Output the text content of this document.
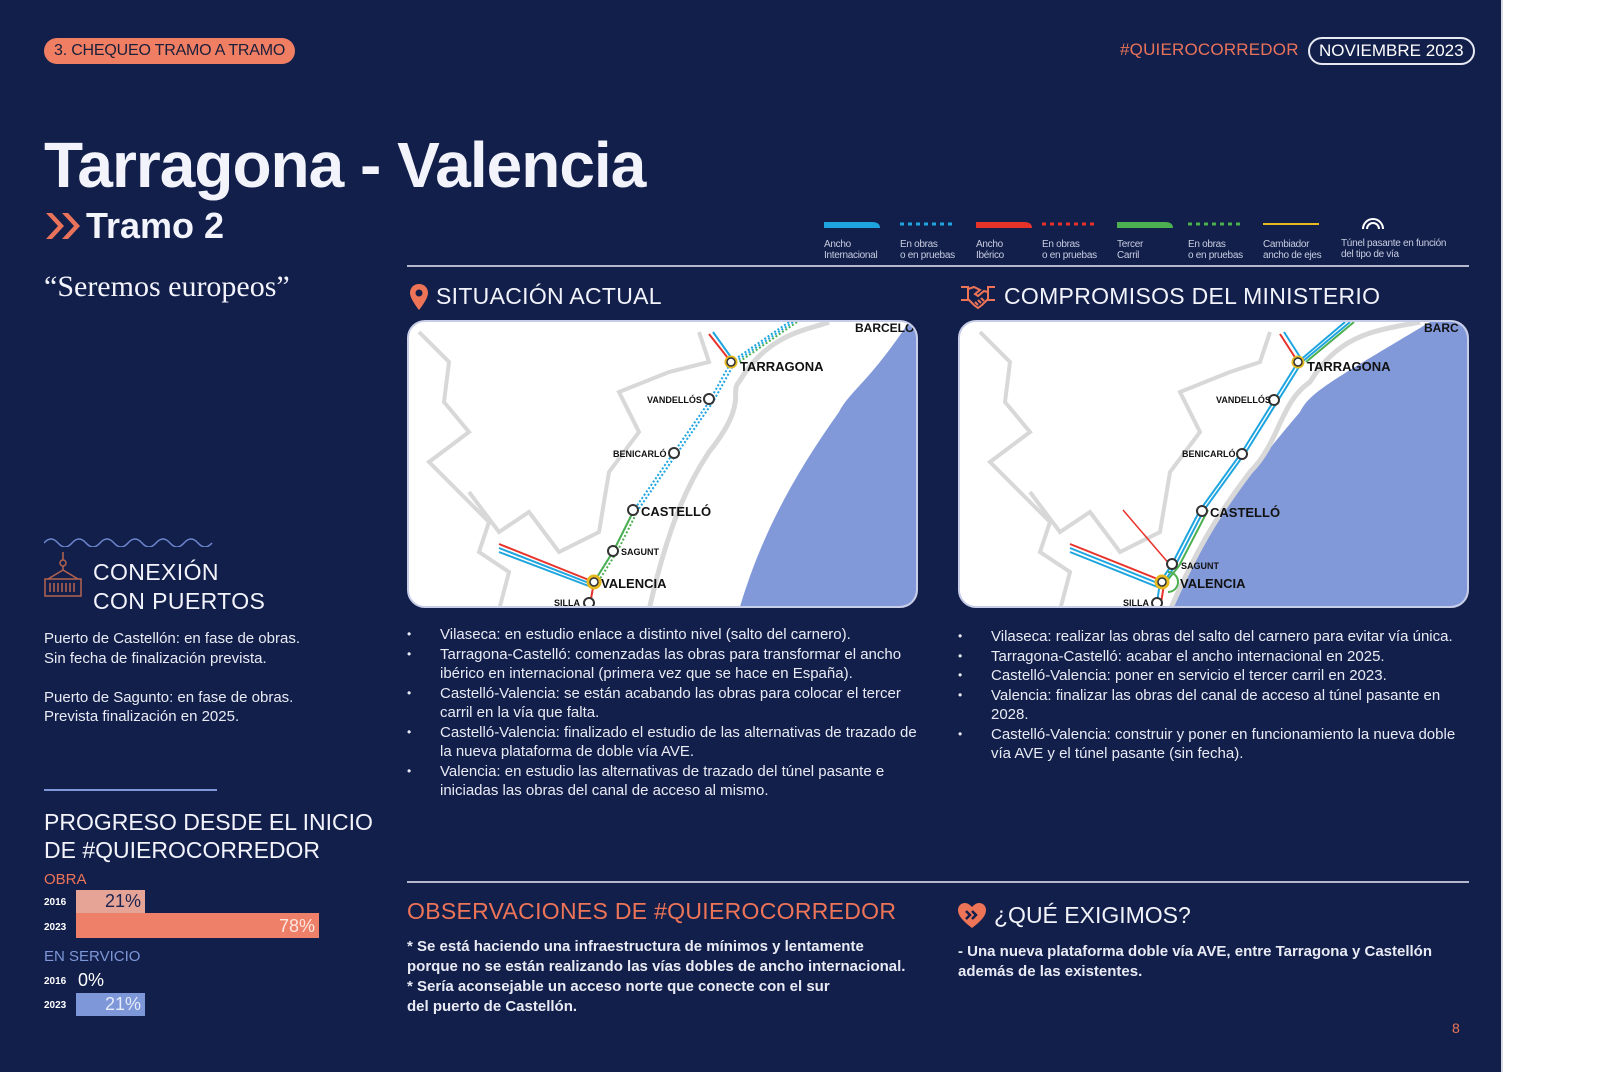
3. CHEQUEO TRAMO A TRAMO	#QUIEROCORREDOR	NOVIEMBRE 2023
Tarragona - Valencia
Tramo 2
“Seremos europeos”
Ancho
Internacional
En obras
o en pruebas
Ancho
Ibérico
En obras
o en pruebas
Tercer
Carril
En obras
o en pruebas
Cambiador
ancho de ejes
Túnel pasante en función
del tipo de vía
SITUACIÓN ACTUAL
BARCELO
TARRAGONA
VANDELLÓS
BENICARLÓ
CASTELLÓ
SAGUNT
VALENCIA
SILLA
• Vilaseca: en estudio enlace a distinto nivel (salto del carnero).
• Tarragona-Castelló: comenzadas las obras para transformar el ancho ibérico en internacional (primera vez que se hace en España).
• Castelló-Valencia: se están acabando las obras para colocar el tercer carril en la vía que falta.
• Castelló-Valencia: finalizado el estudio de las alternativas de trazado de la nueva plataforma de doble vía AVE.
• Valencia: en estudio las alternativas de trazado del túnel pasante e iniciadas las obras del canal de acceso al mismo.
COMPROMISOS DEL MINISTERIO
BARC
TARRAGONA
VANDELLÓS
BENICARLÓ
CASTELLÓ
SAGUNT
VALENCIA
SILLA
• Vilaseca: realizar las obras del salto del carnero para evitar vía única.
• Tarragona-Castelló: acabar el ancho internacional en 2025.
• Castelló-Valencia: poner en servicio el tercer carril en 2023.
• Valencia: finalizar las obras del canal de acceso al túnel pasante en 2028.
• Castelló-Valencia: construir y poner en funcionamiento la nueva doble vía AVE y el túnel pasante (sin fecha).
CONEXIÓN
CON PUERTOS

Puerto de Castellón: en fase de obras.
Sin fecha de finalización prevista.

Puerto de Sagunto: en fase de obras.
Prevista finalización en 2025.

PROGRESO DESDE EL INICIO
DE #QUIEROCORREDOR
OBRA
2016	21%
2023	78%
EN SERVICIO
2016 0%
2023	21%
OBSERVACIONES DE #QUIEROCORREDOR
* Se está haciendo una infraestructura de mínimos y lentamente porque no se están realizando las vías dobles de ancho internacional.
* Sería aconsejable un acceso norte que conecte con el sur del puerto de Castellón.
¿QUÉ EXIGIMOS?
- Una nueva plataforma doble vía AVE, entre Tarragona y Castellón además de las existentes.
8
